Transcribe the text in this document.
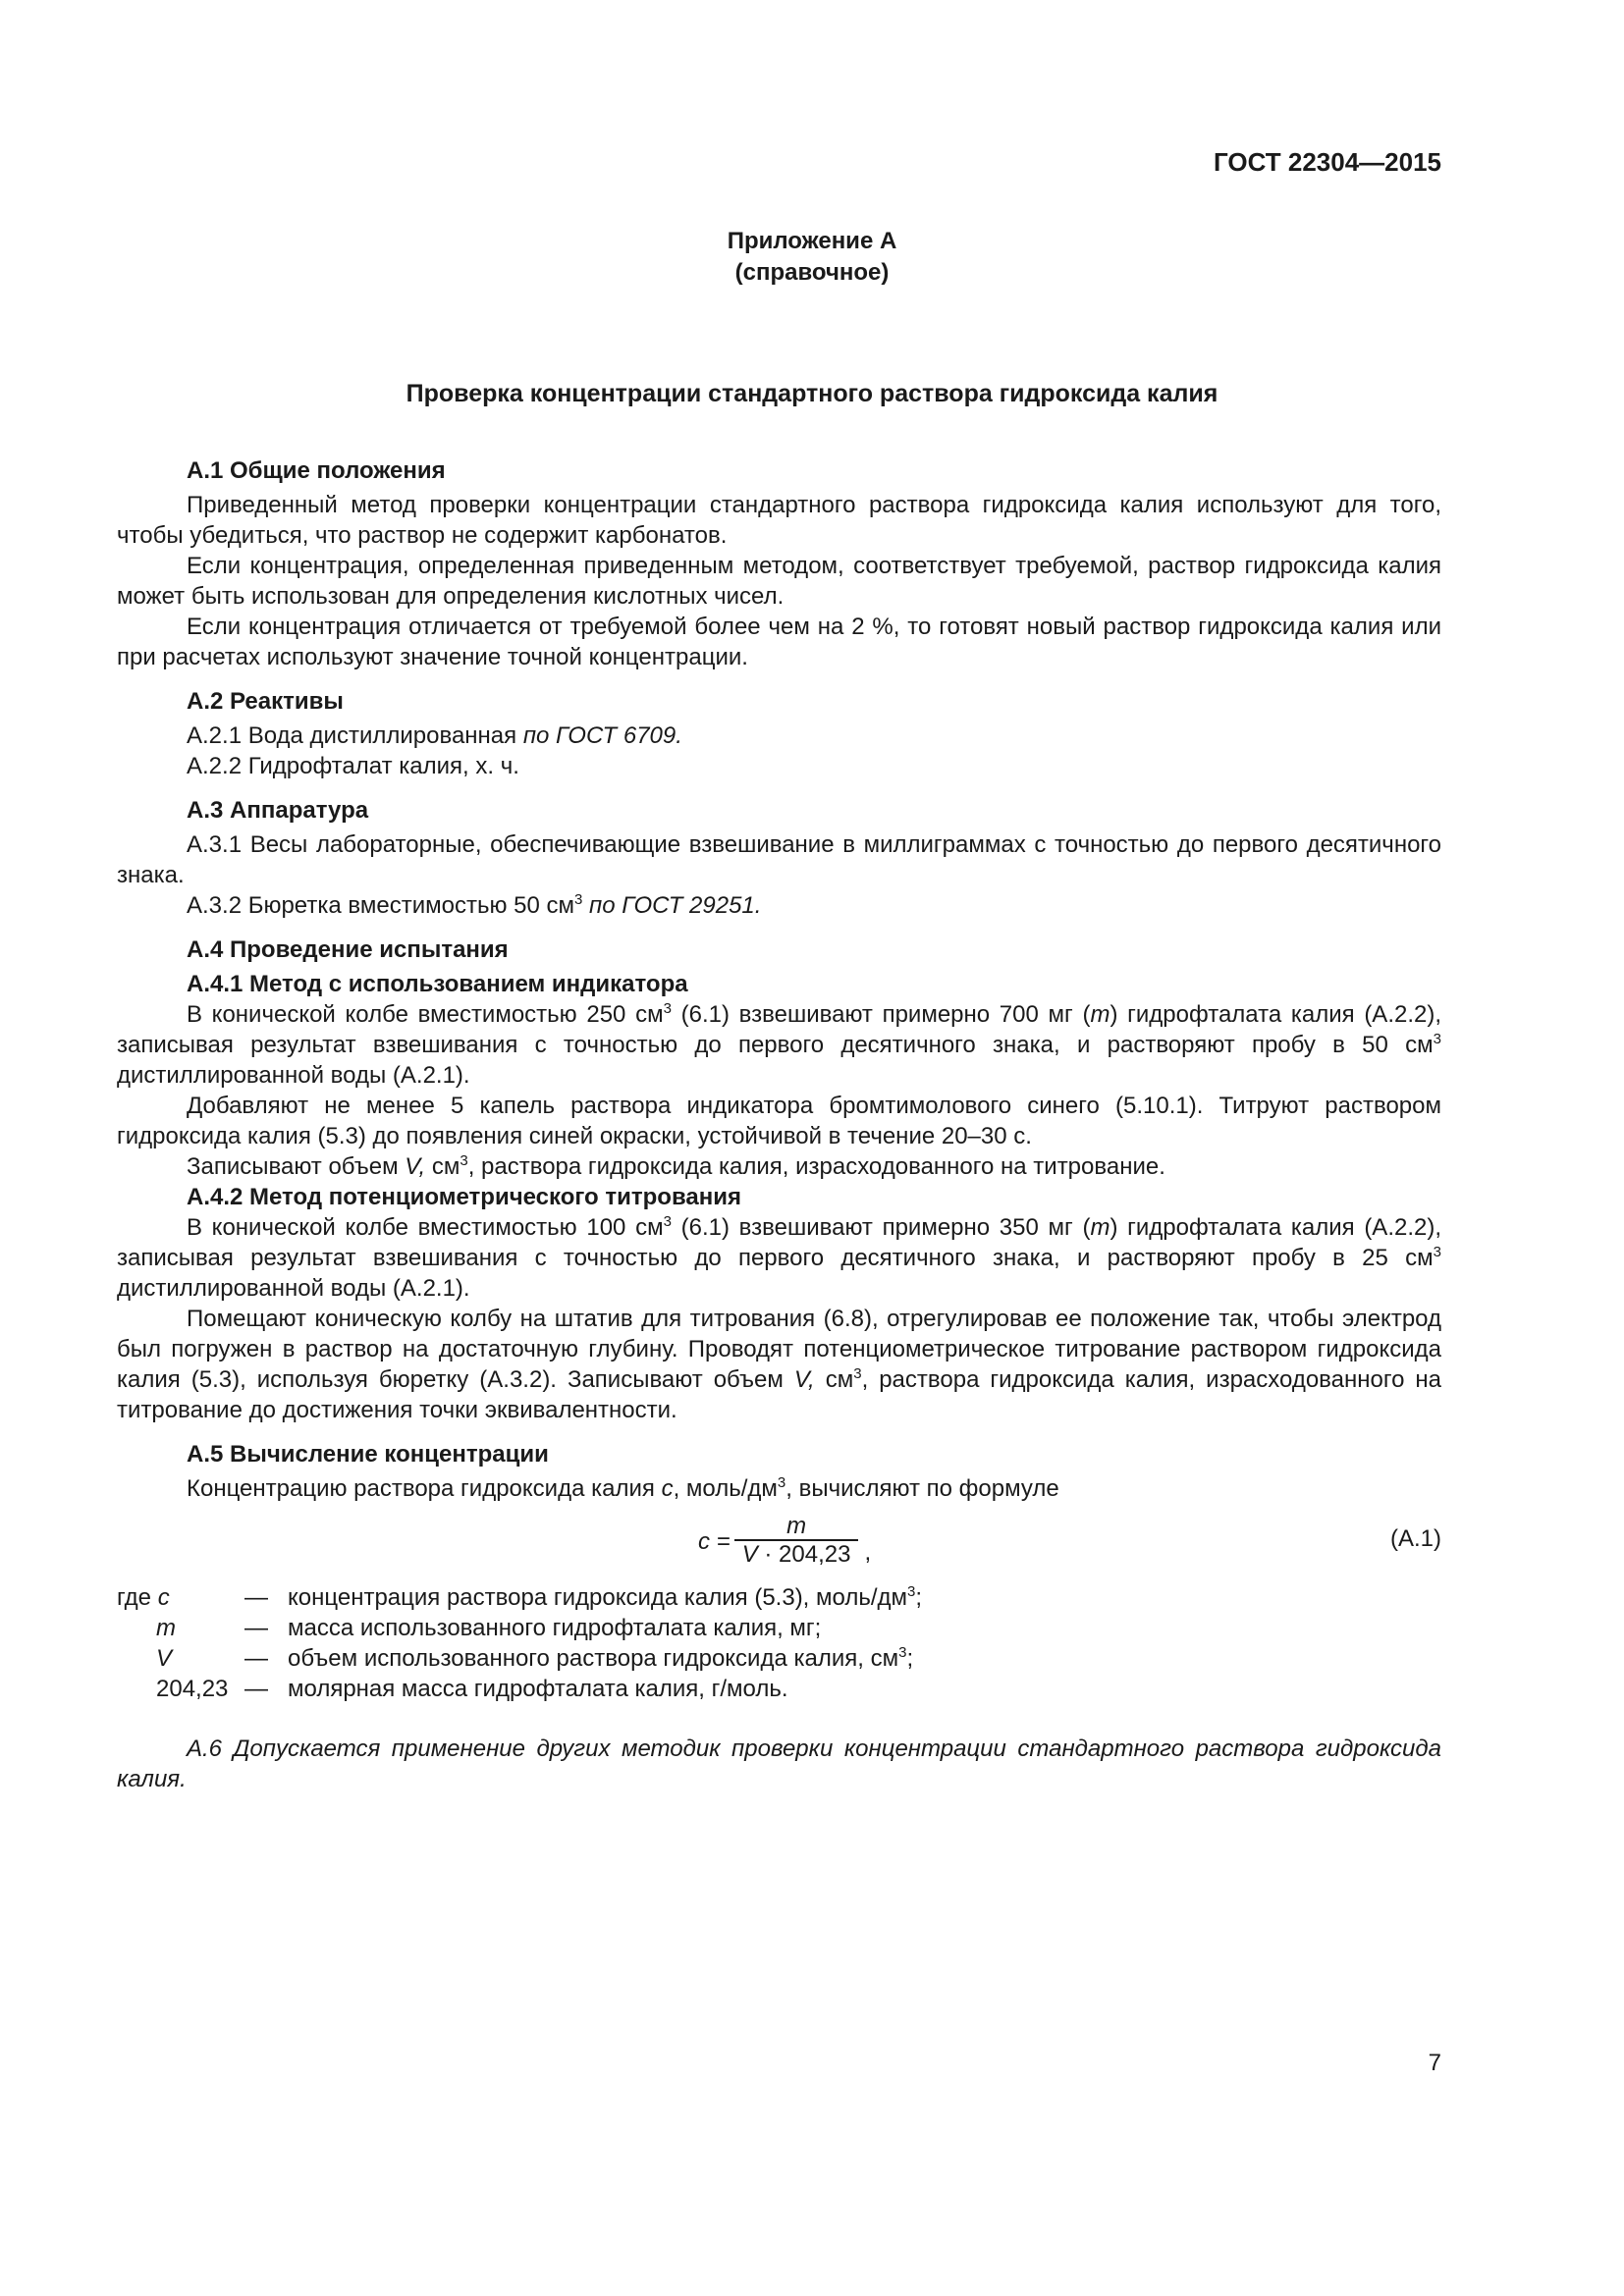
ГОСТ 22304—2015
Приложение А
(справочное)
Проверка концентрации стандартного раствора гидроксида калия

А.1 Общие положения

Приведенный метод проверки концентрации стандартного раствора гидроксида калия используют для того, чтобы убедиться, что раствор не содержит карбонатов.

Если концентрация, определенная приведенным методом, соответствует требуемой, раствор гидроксида калия может быть использован для определения кислотных чисел.

Если концентрация отличается от требуемой более чем на 2 %, то готовят новый раствор гидроксида калия или при расчетах используют значение точной концентрации.

А.2 Реактивы

А.2.1 Вода дистиллированная по ГОСТ 6709.

А.2.2 Гидрофталат калия, х. ч.

А.3 Аппаратура

А.3.1 Весы лабораторные, обеспечивающие взвешивание в миллиграммах с точностью до первого десятичного знака.

А.3.2 Бюретка вместимостью 50 $см^3$ по ГОСТ 29251.

А.4 Проведение испытания

А.4.1 Метод с использованием индикатора

В конической колбе вместимостью 250 $см^3$ (6.1) взвешивают примерно 700 мг (m) гидрофталата калия (А.2.2), записывая результат взвешивания с точностью до первого десятичного знака, и растворяют пробу в 50 $см^3$ дистиллированной воды (А.2.1).

Добавляют не менее 5 капель раствора индикатора бромтимолового синего (5.10.1). Титруют раствором гидроксида калия (5.3) до появления синей окраски, устойчивой в течение 20–30 с.

Записывают объем V, $см^3$, раствора гидроксида калия, израсходованного на титрование.

А.4.2 Метод потенциометрического титрования

В конической колбе вместимостью 100 $см^3$ (6.1) взвешивают примерно 350 мг (m) гидрофталата калия (А.2.2), записывая результат взвешивания с точностью до первого десятичного знака, и растворяют пробу в 25 $см^3$ дистиллированной воды (А.2.1).

Помещают коническую колбу на штатив для титрования (6.8), отрегулировав ее положение так, чтобы электрод был погружен в раствор на достаточную глубину. Проводят потенциометрическое титрование раствором гидроксида калия (5.3), используя бюретку (А.3.2). Записывают объем V, $см^3$, раствора гидроксида калия, израсходованного на титрование до достижения точки эквивалентности.

А.5 Вычисление концентрации

Концентрацию раствора гидроксида калия c, моль/$дм^3$, вычисляют по формуле

$c = \frac{m}{V \cdot 204,23}$ ,	(А.1)
где c	— концентрация раствора гидроксида калия (5.3), моль/$дм^3$;
m	— масса использованного гидрофталата калия, мг;
V	— объем использованного раствора гидроксида калия, $см^3$;
204,23 — молярная масса гидрофталата калия, г/моль.

А.6 Допускается применение других методик проверки концентрации стандартного раствора гидроксида калия.

7
